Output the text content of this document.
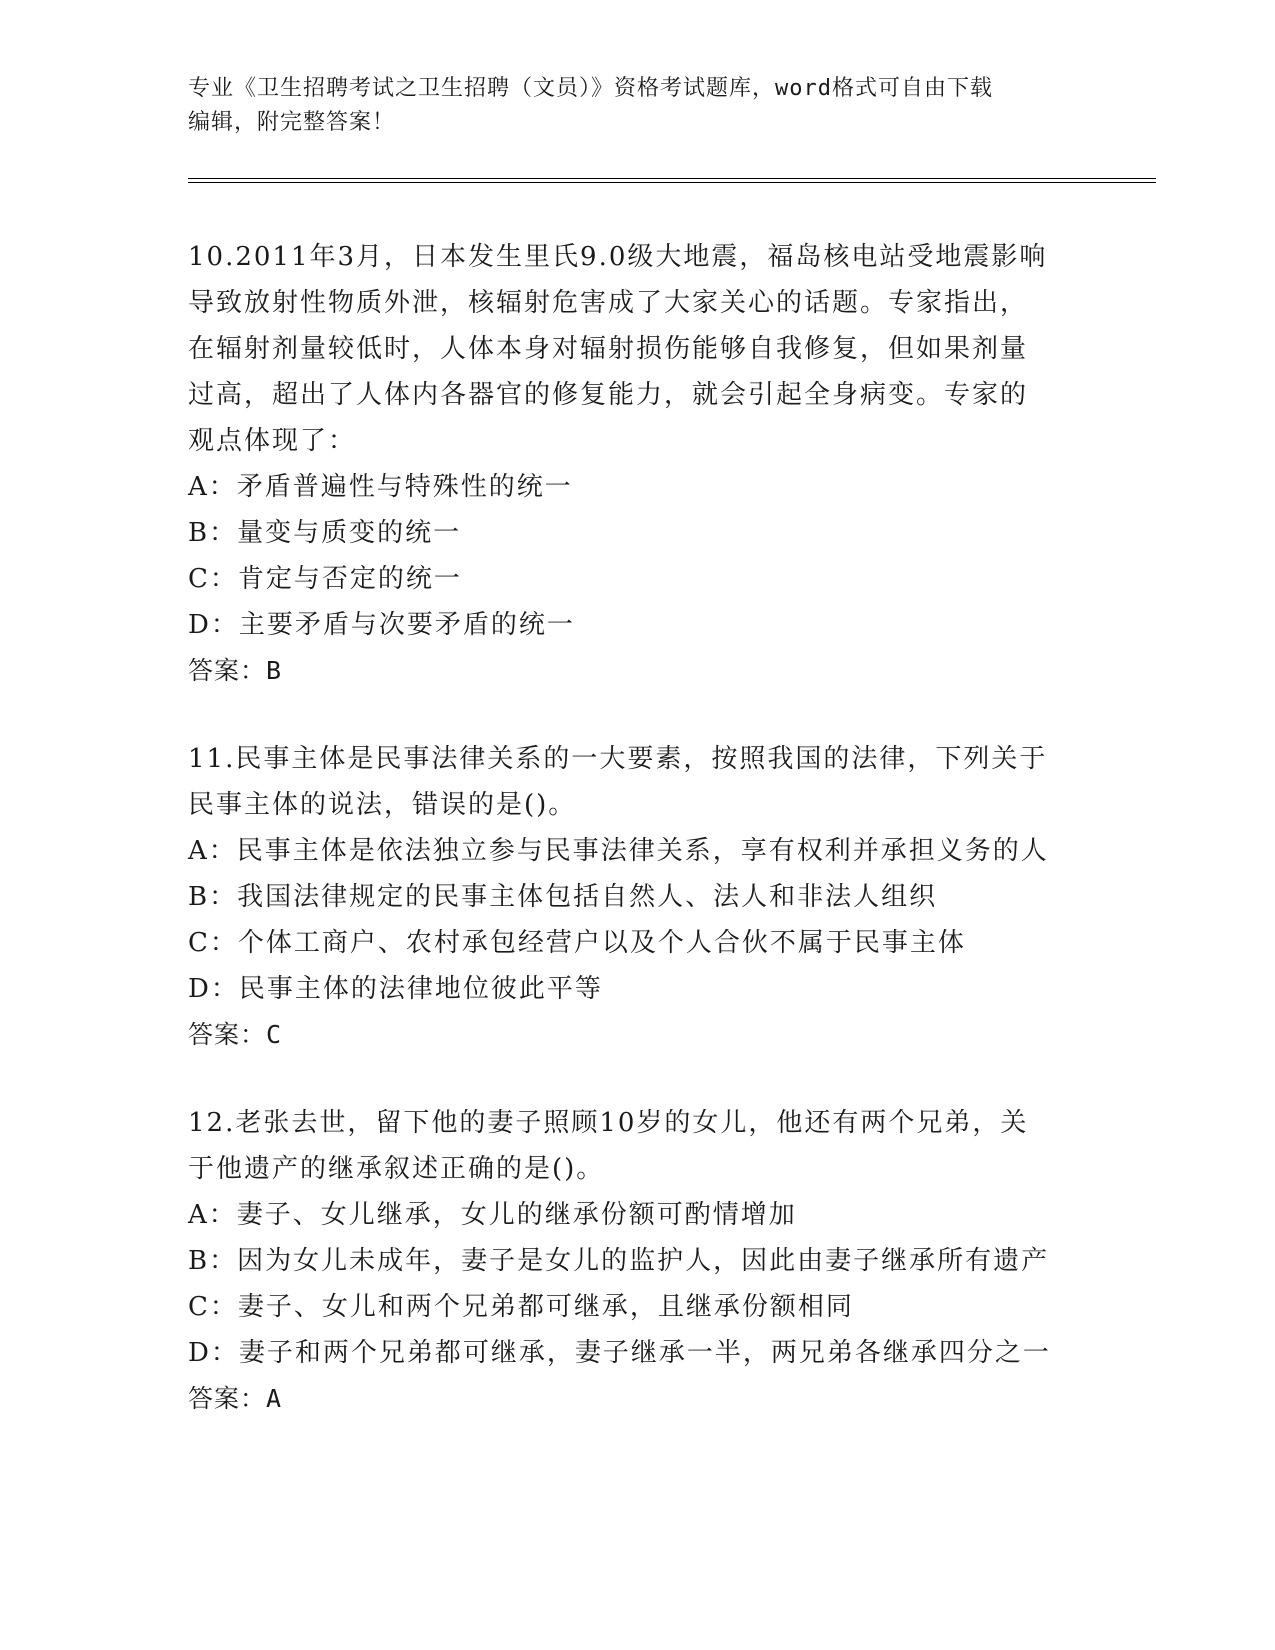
专业《卫生招聘考试之卫生招聘（文员）》资格考试题库，word格式可自由下载
编辑，附完整答案！
10.2011年3月，日本发生里氏9.0级大地震，福岛核电站受地震影响
导致放射性物质外泄，核辐射危害成了大家关心的话题。专家指出，
在辐射剂量较低时，人体本身对辐射损伤能够自我修复，但如果剂量
过高，超出了人体内各器官的修复能力，就会引起全身病变。专家的
观点体现了：
A：矛盾普遍性与特殊性的统一
B：量变与质变的统一
C：肯定与否定的统一
D：主要矛盾与次要矛盾的统一
答案：B
11.民事主体是民事法律关系的一大要素，按照我国的法律，下列关于
民事主体的说法，错误的是()。
A：民事主体是依法独立参与民事法律关系，享有权利并承担义务的人
B：我国法律规定的民事主体包括自然人、法人和非法人组织
C：个体工商户、农村承包经营户以及个人合伙不属于民事主体
D：民事主体的法律地位彼此平等
答案：C
12.老张去世，留下他的妻子照顾10岁的女儿，他还有两个兄弟，关
于他遗产的继承叙述正确的是()。
A：妻子、女儿继承，女儿的继承份额可酌情增加
B：因为女儿未成年，妻子是女儿的监护人，因此由妻子继承所有遗产
C：妻子、女儿和两个兄弟都可继承，且继承份额相同
D：妻子和两个兄弟都可继承，妻子继承一半，两兄弟各继承四分之一
答案：A
